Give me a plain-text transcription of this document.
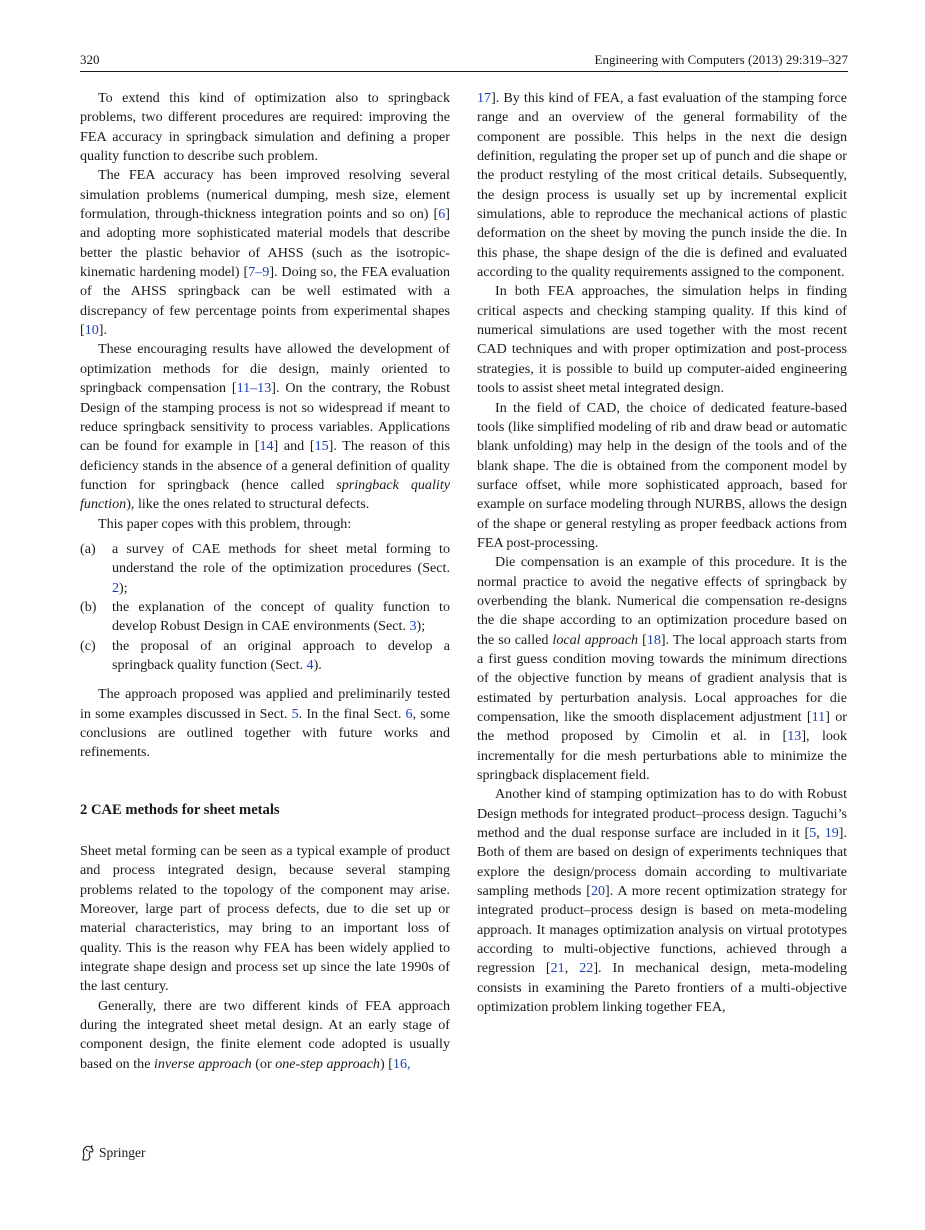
320	Engineering with Computers (2013) 29:319–327

To extend this kind of optimization also to springback problems, two different procedures are required: improving the FEA accuracy in springback simulation and defining a proper quality function to describe such problem.

The FEA accuracy has been improved resolving several simulation problems (numerical dumping, mesh size, element formulation, through-thickness integration points and so on) [6] and adopting more sophisticated material models that describe better the plastic behavior of AHSS (such as the isotropic-kinematic hardening model) [7–9]. Doing so, the FEA evaluation of the AHSS springback can be well estimated with a discrepancy of few percentage points from experimental shapes [10].

These encouraging results have allowed the development of optimization methods for die design, mainly oriented to springback compensation [11–13]. On the contrary, the Robust Design of the stamping process is not so widespread if meant to reduce springback sensitivity to process variables. Applications can be found for example in [14] and [15]. The reason of this deficiency stands in the absence of a general definition of quality function for springback (hence called springback quality function), like the ones related to structural defects.

This paper copes with this problem, through:

(a) a survey of CAE methods for sheet metal forming to understand the role of the optimization procedures (Sect. 2);
(b) the explanation of the concept of quality function to develop Robust Design in CAE environments (Sect. 3);
(c) the proposal of an original approach to develop a springback quality function (Sect. 4).

The approach proposed was applied and preliminarily tested in some examples discussed in Sect. 5. In the final Sect. 6, some conclusions are outlined together with future works and refinements.

2 CAE methods for sheet metals

Sheet metal forming can be seen as a typical example of product and process integrated design, because several stamping problems related to the topology of the component may arise. Moreover, large part of process defects, due to die set up or material characteristics, may bring to an important loss of quality. This is the reason why FEA has been widely applied to integrate shape design and process set up since the late 1990s of the last century.

Generally, there are two different kinds of FEA approach during the integrated sheet metal design. At an early stage of component design, the finite element code adopted is usually based on the inverse approach (or one-step approach) [16,

17]. By this kind of FEA, a fast evaluation of the stamping force range and an overview of the general formability of the component are possible. This helps in the next die design definition, regulating the proper set up of punch and die shape or the product restyling of the most critical details. Subsequently, the design process is usually set up by incremental explicit simulations, able to reproduce the mechanical actions of plastic deformation on the sheet by moving the punch inside the die. In this phase, the shape design of the die is defined and evaluated according to the quality requirements assigned to the component.

In both FEA approaches, the simulation helps in finding critical aspects and checking stamping quality. If this kind of numerical simulations are used together with the most recent CAD techniques and with proper optimization and post-process strategies, it is possible to build up computer-aided engineering tools to assist sheet metal integrated design.

In the field of CAD, the choice of dedicated feature-based tools (like simplified modeling of rib and draw bead or automatic blank unfolding) may help in the design of the tools and of the blank shape. The die is obtained from the component model by surface offset, while more sophisticated approach, based for example on surface modeling through NURBS, allows the design of the shape or general restyling as proper feedback actions from FEA post-processing.

Die compensation is an example of this procedure. It is the normal practice to avoid the negative effects of springback by overbending the blank. Numerical die compensation re-designs the die shape according to an optimization procedure based on the so called local approach [18]. The local approach starts from a first guess condition moving towards the minimum directions of the objective function by means of gradient analysis that is estimated by perturbation analysis. Local approaches for die compensation, like the smooth displacement adjustment [11] or the method proposed by Cimolin et al. in [13], look incrementally for die mesh perturbations able to minimize the springback displacement field.

Another kind of stamping optimization has to do with Robust Design methods for integrated product–process design. Taguchi’s method and the dual response surface are included in it [5, 19]. Both of them are based on design of experiments techniques that explore the design/process domain according to multivariate sampling methods [20]. A more recent optimization strategy for integrated product–process design is based on meta-modeling approach. It manages optimization analysis on virtual prototypes according to multi-objective functions, achieved through a regression [21, 22]. In mechanical design, meta-modeling consists in examining the Pareto frontiers of a multi-objective optimization problem linking together FEA,

Springer
